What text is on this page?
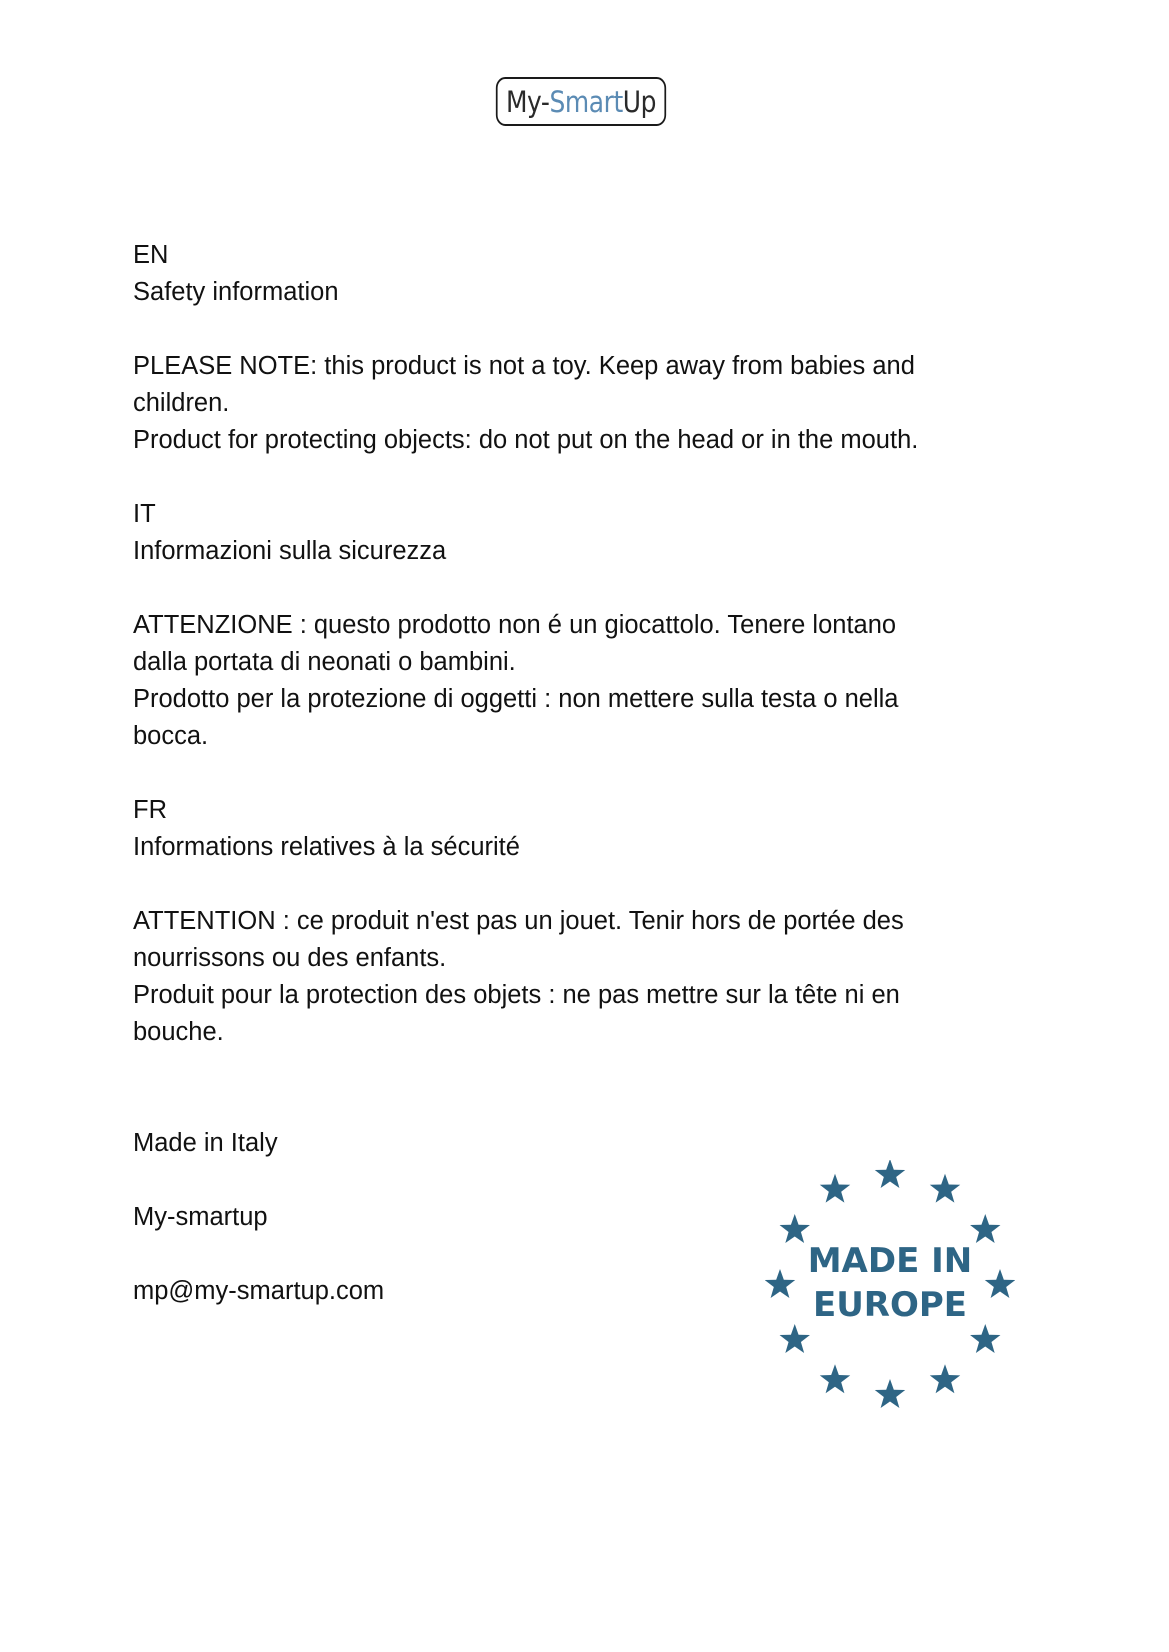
My- Smart Up

EN

Safety information

PLEASE NOTE: this product is not a toy. Keep away from babies and

children.

Product for protecting objects: do not put on the head or in the mouth.

IT

Informazioni sulla sicurezza

ATTENZIONE : questo prodotto non é un giocattolo. Tenere lontano

dalla portata di neonati o bambini.

Prodotto per la protezione di oggetti : non mettere sulla testa o nella

bocca.

FR

Informations relatives à la sécurité

ATTENTION : ce produit n'est pas un jouet. Tenir hors de portée des

nourrissons ou des enfants.

Produit pour la protection des objets : ne pas mettre sur la tête ni en

bouche.

Made in Italy

My-smartup

mp@my-smartup.com

MADE IN
EUROPE
